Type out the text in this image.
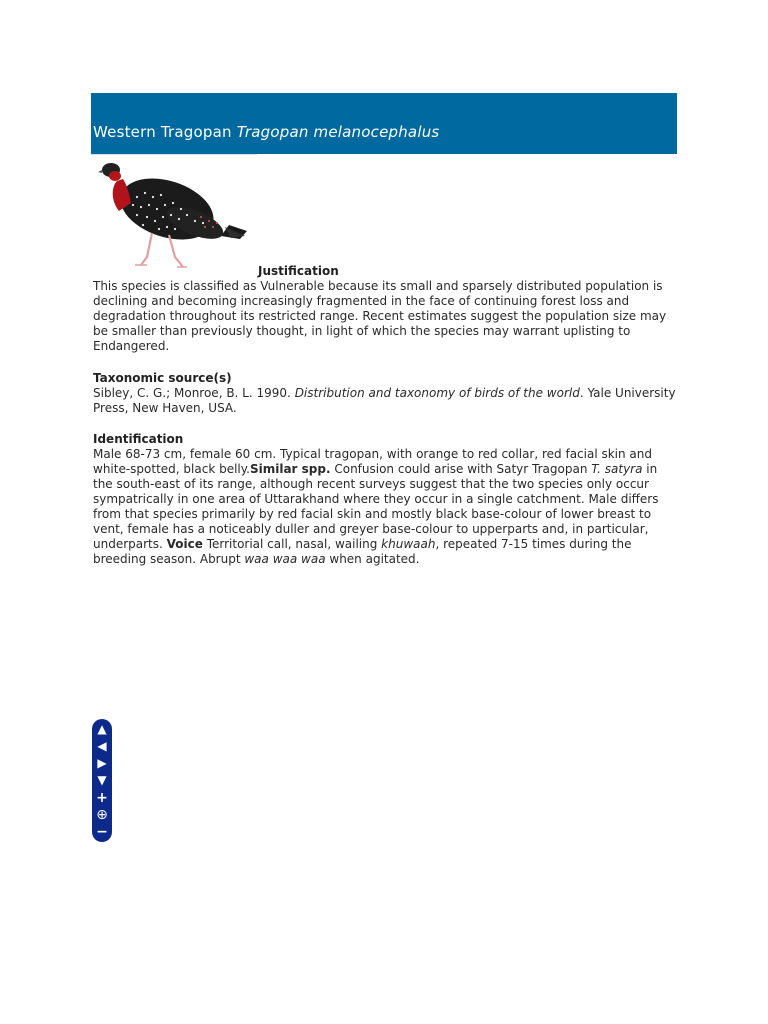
Western Tragopan Tragopan melanocephalus
Justification

This species is classified as Vulnerable because its small and sparsely distributed population is declining and becoming increasingly fragmented in the face of continuing forest loss and degradation throughout its restricted range. Recent estimates suggest the population size may be smaller than previously thought, in light of which the species may warrant uplisting to Endangered.

Taxonomic source(s)

Sibley, C. G.; Monroe, B. L. 1990. Distribution and taxonomy of birds of the world. Yale University Press, New Haven, USA.

Identification

Male 68-73 cm, female 60 cm. Typical tragopan, with orange to red collar, red facial skin and white-spotted, black belly.Similar spp. Confusion could arise with Satyr Tragopan T. satyra in the south-east of its range, although recent surveys suggest that the two species only occur sympatrically in one area of Uttarakhand where they occur in a single catchment. Male differs from that species primarily by red facial skin and mostly black base-colour of lower breast to vent, female has a noticeably duller and greyer base-colour to upperparts and, in particular, underparts. Voice Territorial call, nasal, wailing khuwaah, repeated 7-15 times during the breeding season. Abrupt waa waa waa when agitated.

▲
◀
▶
▼
+
⊕
−
